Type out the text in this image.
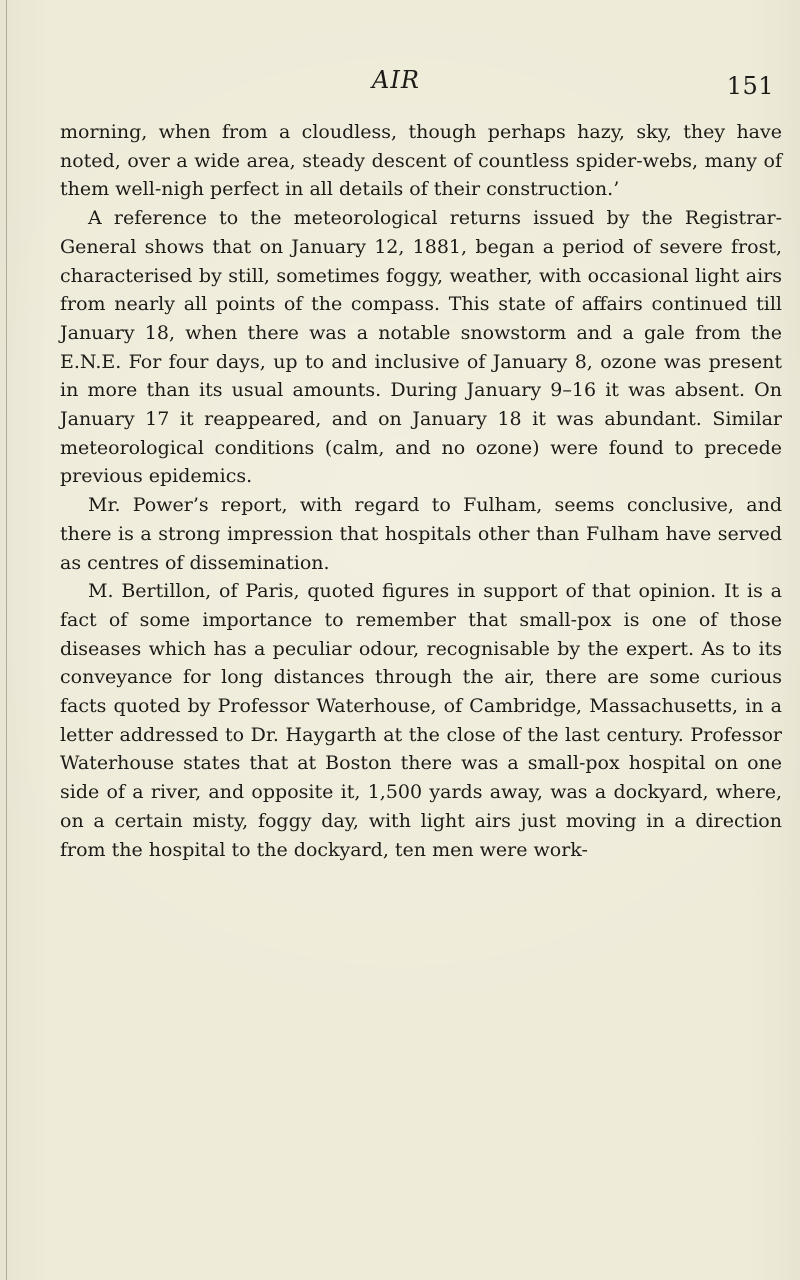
AIR	151

morning, when from a cloudless, though perhaps hazy, sky, they have noted, over a wide area, steady descent of countless spider-webs, many of them well-nigh perfect in all details of their construction.’

A reference to the meteorological returns issued by the Registrar-General shows that on January 12, 1881, began a period of severe frost, characterised by still, sometimes foggy, weather, with occasional light airs from nearly all points of the compass. This state of affairs continued till January 18, when there was a notable snowstorm and a gale from the E.N.E. For four days, up to and inclusive of January 8, ozone was present in more than its usual amounts. During January 9–16 it was absent. On January 17 it reappeared, and on January 18 it was abundant. Similar meteorological conditions (calm, and no ozone) were found to precede previous epidemics.

Mr. Power’s report, with regard to Fulham, seems conclusive, and there is a strong impression that hospitals other than Fulham have served as centres of dissemination.

M. Bertillon, of Paris, quoted figures in support of that opinion. It is a fact of some importance to remember that small-pox is one of those diseases which has a peculiar odour, recognisable by the expert. As to its conveyance for long distances through the air, there are some curious facts quoted by Professor Waterhouse, of Cambridge, Massachusetts, in a letter addressed to Dr. Haygarth at the close of the last century. Professor Waterhouse states that at Boston there was a small-pox hospital on one side of a river, and opposite it, 1,500 yards away, was a dockyard, where, on a certain misty, foggy day, with light airs just moving in a direction from the hospital to the dockyard, ten men were work-
